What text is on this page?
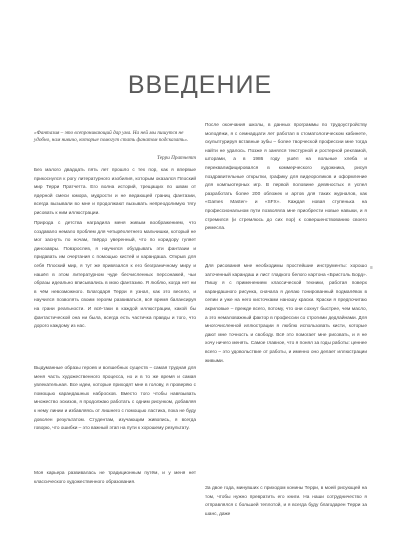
ВВЕДЕНИЕ

«Фантазия – это всепроникающий дар ума. На ней мы пишутся не удобно, нам нивичо, которые помогут стать фанатом подсказать».

Терри Пратчетт

Без малого двадцать пять лет прошло с тех пор, как я впервые прикоснулся к рогу литературного изобилия, которым оказался Плоский мир Терри Пратчетта. Его волна историй, трещащих по швам от ядерной смеси юмора, мудрости и не ведающей границ фантазии, всегда вызывали во мне и продолжают вызывать непреодолимую тягу рисовать к ним иллюстрации.

Природа с детства наградила меня живым воображением, что создавало немало проблем для четырёхлетнего мальчишки, который не мог заснуть по ночам, твёрдо уверенный, что по коридору гуляет динозавры. Повзрослев, я научился обуздывать эти фантазии и придавать им очертания с помощью кистей и карандаша. Открыв для себя Плоский мир, я тут же привязался к его безграничному миру и нашёл в этом литературном чуде бесчисленных персонажей, чьи образы идеально вписывались в мою фантазию. Я люблю, когда нет ни в чём невозможного. Благодаря Терри я узнал, как это весело, и научился позволять своим героям развиваться, всё время балансируя на грани реальности. И всё-таки в каждой иллюстрации, какой бы фантастической она ни была, всегда есть частичка правды и того, что дорого каждому из нас.

Выдуманные образы героев и волшебных существ – самая трудная для меня часть художественного процесса, но и в то же время и самая увлекательная. Все идеи, которые приходят мне в голову, я проверяю с помощью карандашных набросков. Вместо того чтобы навязывать множество эскизов, я продолжаю работать с одним рисунком, добавляя к нему линии и избавляясь от лишнего с помощью ластика, пока не буду доволен результатом. Студентам, изучающим живопись, я всегда говорю, что ошибки – это важный этап на пути к хорошему результату.

Моя карьера развивалась не традиционным путём, и у меня нет классического художественного образования.

После окончания школы, в данных программы по трудоустройству молодёжи, я с семнадцати лет работал в стоматологическом кабинете, скульптурируя вставные зубы – более творческой профессии мне тогда найти не удалось. Позже я занялся текстурной и ростерной рекламой, шторами, а в 1986 году ушёл на вольные хлеба и переквалифицировался в коммерческого художника, рисуя поздравительные открытки, графику для видеороликов и оформление для компьютерных игр. В первой половине девяностых я успел разработать более 200 обложек и артов для таких журналов, как «Games Master» и «SFX». Каждая новая ступенька на профессиональном пути позволяла мне приобрести новые навыки, и я стремился (и стремлюсь до сих пор) к совершенствованию своего ремесла.

Для рисования мне необходимы простейшие инструменты: хорошо заточенный карандаш и лист гладкого белого картона «Бристоль Борд». Пишу я с применением классической техники, работая поверх карандашного рисунка, сначала я делаю тонированный подмалёвок в сепии и уже на него кисточками наношу краски. Краски я предпочитаю акриловые – прежде всего, потому, что они сохнут быстрее, чем масло, а это немаловажный фактор в профессии со строгими дедлайнами. Для многочисленной иллюстрации я люблю использовать кисти, которые дают мне точность и свободу. Всё это помогает мне рисовать, и я не хочу ничего менять. Самое главное, что я понял за годы работы: ценнее всего – это удовольствие от работы, и именно оно делает иллюстрации живыми.

За двое года, минувших с приходом конины Терри, в моей рисующей на том, чтобы нужно превратить его книги. На наши сотрудничество я отправлялся с большей теплотой, и я всегда буду благодарен Терри за шанс, даже

≡
